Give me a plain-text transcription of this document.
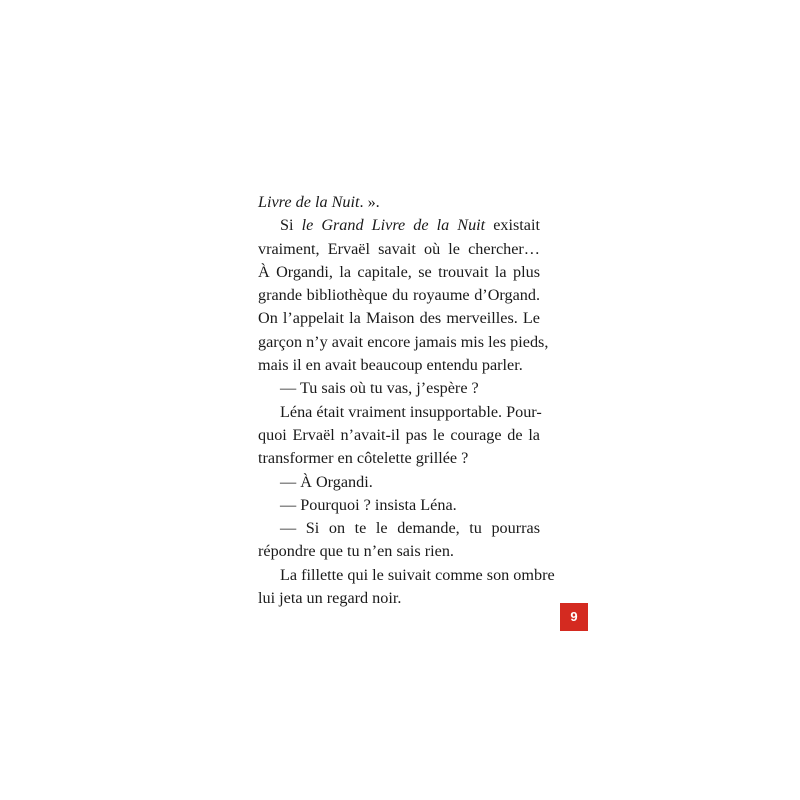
Livre de la Nuit. ».
Si le Grand Livre de la Nuit existait
vraiment, Ervaël savait où le chercher…
À Organdi, la capitale, se trouvait la plus
grande bibliothèque du royaume d’Organd.
On l’appelait la Maison des merveilles. Le
garçon n’y avait encore jamais mis les pieds,
mais il en avait beaucoup entendu parler.
— Tu sais où tu vas, j’espère ?
Léna était vraiment insupportable. Pour-
quoi Ervaël n’avait-il pas le courage de la
transformer en côtelette grillée ?
— À Organdi.
— Pourquoi ? insista Léna.
— Si on te le demande, tu pourras
répondre que tu n’en sais rien.
La fillette qui le suivait comme son ombre
lui jeta un regard noir.
9
